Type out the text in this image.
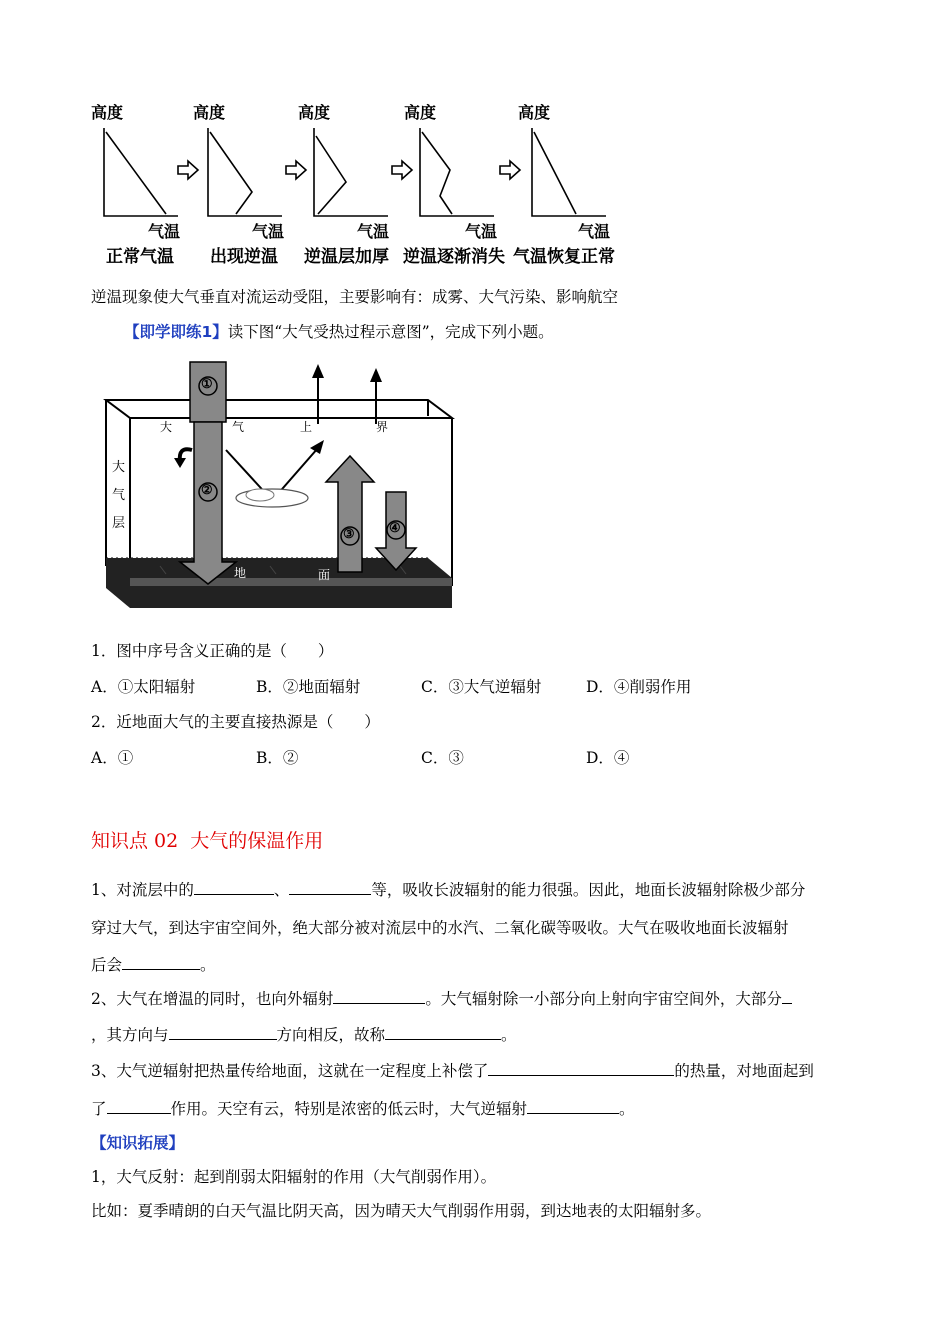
高度	高度	高度	高度	高度
气温	气温	气温	气温	气温
正常气温 出现逆温 逆温层加厚 逆温逐渐消失 气温恢复正常
逆温现象使大气垂直对流运动受阻，主要影响有：成雾、大气污染、影响航空
【即学即练1】读下图“大气受热过程示意图”，完成下列小题。
①
②
③	④
大	气	上	界
大气层
地	面
1．图中序号含义正确的是（　　）
A．①太阳辐射	B．②地面辐射	C．③大气逆辐射	D．④削弱作用
2．近地面大气的主要直接热源是（　　）
A．①	B．②	C．③	D．④
知识点 02  大气的保温作用
1、对流层中的	、	等，吸收长波辐射的能力很强。因此，地面长波辐射除极少部分
穿过大气，到达宇宙空间外，绝大部分被对流层中的水汽、二氧化碳等吸收。大气在吸收地面长波辐射
后会	。
2、大气在增温的同时，也向外辐射	。大气辐射除一小部分向上射向宇宙空间外，大部分
，其方向与	方向相反，故称	。
3、大气逆辐射把热量传给地面，这就在一定程度上补偿了	的热量，对地面起到
了	作用。天空有云，特别是浓密的低云时，大气逆辐射	。
【知识拓展】
1，大气反射：起到削弱太阳辐射的作用（大气削弱作用）。
比如：夏季晴朗的白天气温比阴天高，因为晴天大气削弱作用弱，到达地表的太阳辐射多。
